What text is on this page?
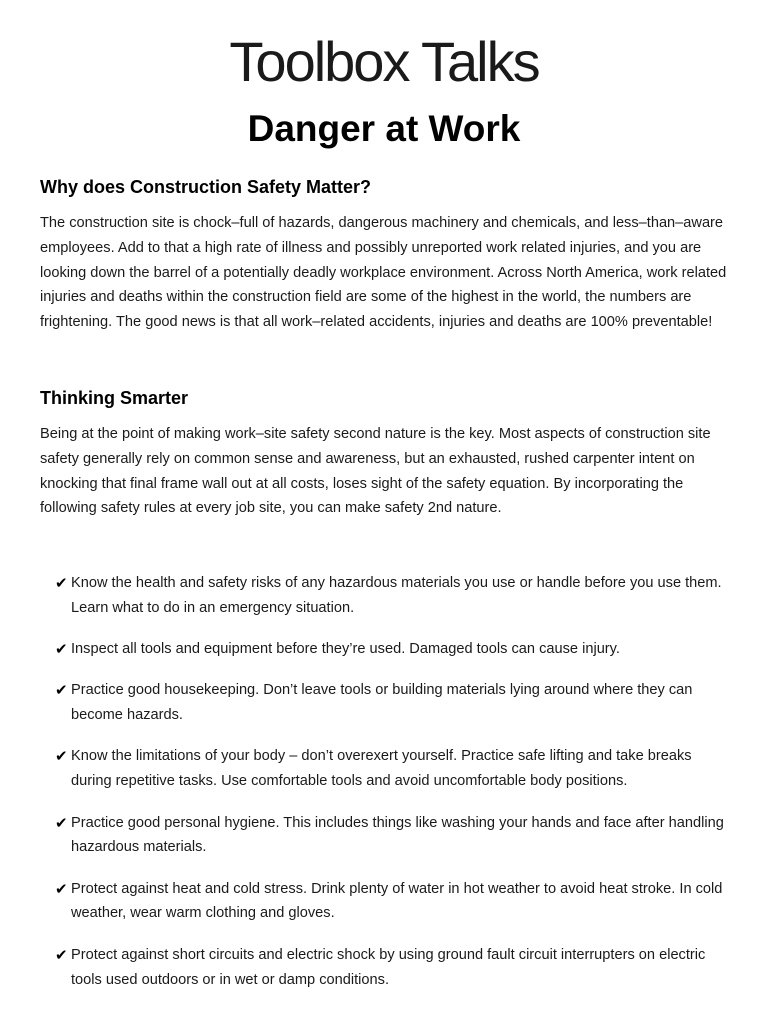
Toolbox Talks
Danger at Work
Why does Construction Safety Matter?

The construction site is chock–full of hazards, dangerous machinery and chemicals, and less–than–aware employees. Add to that a high rate of illness and possibly unreported work related injuries, and you are looking down the barrel of a potentially deadly workplace environment. Across North America, work related injuries and deaths within the construction field are some of the highest in the world, the numbers are frightening. The good news is that all work–related accidents, injuries and deaths are 100% preventable!

Thinking Smarter

Being at the point of making work–site safety second nature is the key. Most aspects of construction site safety generally rely on common sense and awareness, but an exhausted, rushed carpenter intent on knocking that final frame wall out at all costs, loses sight of the safety equation. By incorporating the following safety rules at every job site, you can make safety 2nd nature.

✔ Know the health and safety risks of any hazardous materials you use or handle before you use them. Learn what to do in an emergency situation.
✔ Inspect all tools and equipment before they’re used. Damaged tools can cause injury.
✔ Practice good housekeeping. Don’t leave tools or building materials lying around where they can become hazards.
✔ Know the limitations of your body – don’t overexert yourself. Practice safe lifting and take breaks during repetitive tasks. Use comfortable tools and avoid uncomfortable body positions.
✔ Practice good personal hygiene. This includes things like washing your hands and face after handling hazardous materials.
✔ Protect against heat and cold stress. Drink plenty of water in hot weather to avoid heat stroke. In cold weather, wear warm clothing and gloves.
✔ Protect against short circuits and electric shock by using ground fault circuit interrupters on electric tools used outdoors or in wet or damp conditions.
